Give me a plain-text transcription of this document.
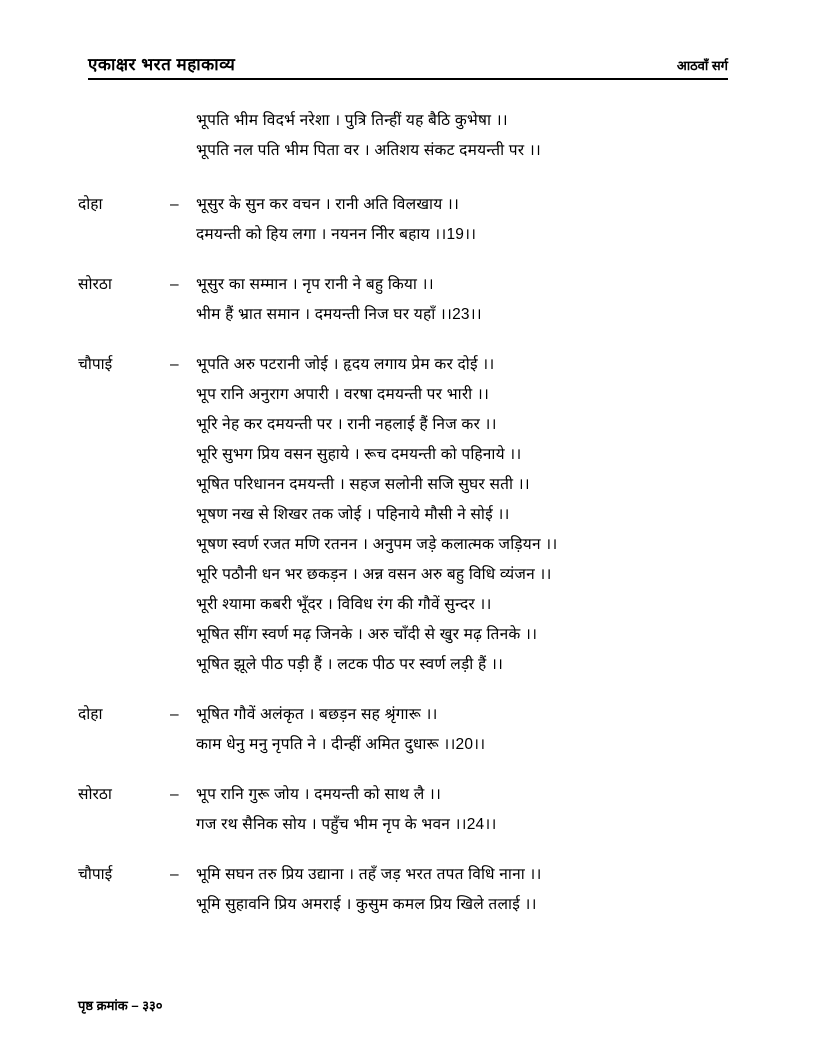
एकाक्षर भरत महाकाव्य	आठवाँ सर्ग
भूपति भीम विदर्भ नरेशा । पुत्रि तिन्हीं यह बैठि कुभेषा ।।
भूपति नल पति भीम पिता वर । अतिशय संकट दमयन्ती पर ।।
दोहा	–	भूसुर के सुन कर वचन । रानी अति विलखाय ।।
दमयन्ती को हिय लगा । नयनन नीिर बहाय ।।19।।
सोरठा	–	भूसुर का सम्मान । नृप रानी ने बहु किया ।।
भीम हैं भ्रात समान । दमयन्ती निज घर यहाँ ।।23।।
चौपाई	–	भूपति अरु पटरानी जोई । हृदय लगाय प्रेम कर दोई ।।
भूप रानि अनुराग अपारी । वरषा दमयन्ती पर भारी ।।
भूरि नेह कर दमयन्ती पर । रानी नहलाई हैं निज कर ।।
भूरि सुभग प्रिय वसन सुहाये । रूच दमयन्ती को पहिनाये ।।
भूषित परिधानन दमयन्ती । सहज सलोनी सजि सुघर सती ।।
भूषण नख से शिखर तक जोई । पहिनाये मौसी ने सोई ।।
भूषण स्वर्ण रजत मणि रतनन । अनुपम जड़े कलात्मक जड़ियन ।।
भूरि पठौनी धन भर छकड़न । अन्न वसन अरु बहु विधि व्यंजन ।।
भूरी श्यामा कबरी भूँदर । विविध रंग की गौवें सुन्दर ।।
भूषित सींग स्वर्ण मढ़ जिनके । अरु चाँदी से खुर मढ़ तिनके ।।
भूषित झूले पीठ पड़ी हैं । लटक पीठ पर स्वर्ण लड़ी हैं ।।
दोहा	–	भूषित गौवें अलंकृत । बछड़न सह श्रृंगारू ।।
काम धेनु मनु नृपति ने । दीन्हीं अमित दुधारू ।।20।।
सोरठा	–	भूप रानि गुरू जोय । दमयन्ती को साथ लै ।।
गज रथ सैनिक सोय । पहुँच भीम नृप के भवन ।।24।।
चौपाई	–	भूमि सघन तरु प्रिय उद्याना । तहँ जड़ भरत तपत विधि नाना ।।
भूमि सुहावनि प्रिय अमराई । कुसुम कमल प्रिय खिले तलाई ।।
पृष्ठ क्रमांक – ३३०
